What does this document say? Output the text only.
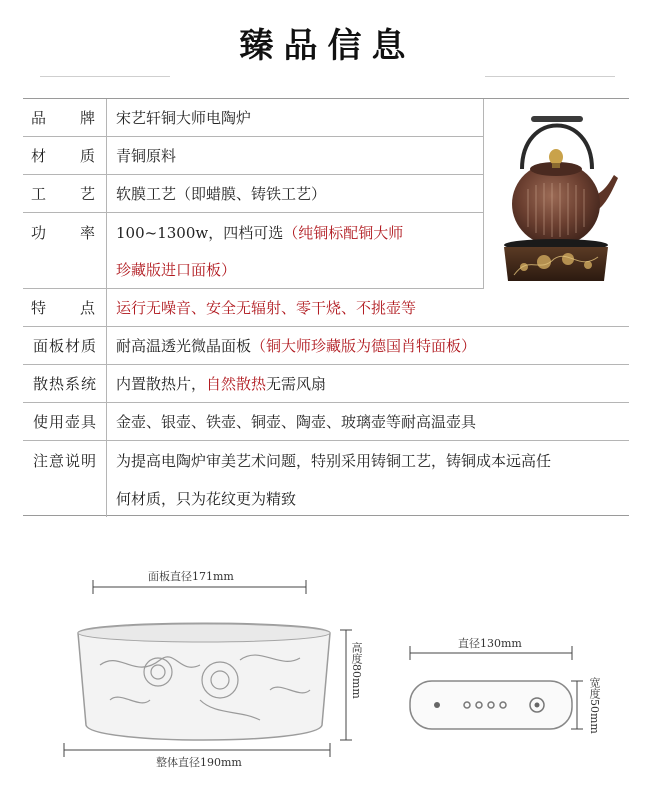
臻品信息
品 牌 宋艺轩铜大师电陶炉
材 质 青铜原料
工 艺 软膜工艺（即蜡膜、铸铁工艺）
功 率 100~1300w，四档可选 （纯铜标配铜大师
珍藏版进口面板）
特 点 运行无噪音、安全无辐射、零干烧、不挑壶等
面板材质	耐高温透光微晶面板 （铜大师珍藏版为德国肖特面板）
散热系统	内置散热片， 自然散热 无需风扇
使用壶具	金壶、银壶、铁壶、铜壶、陶壶、玻璃壶等耐高温壶具
注意说明	为提高电陶炉审美艺术问题，特别采用铸铜工艺，铸铜成本远高任
何材质，只为花纹更为精致
面板直径171mm
高度80mm
整体直径190mm
直径130mm
宽度50mm
